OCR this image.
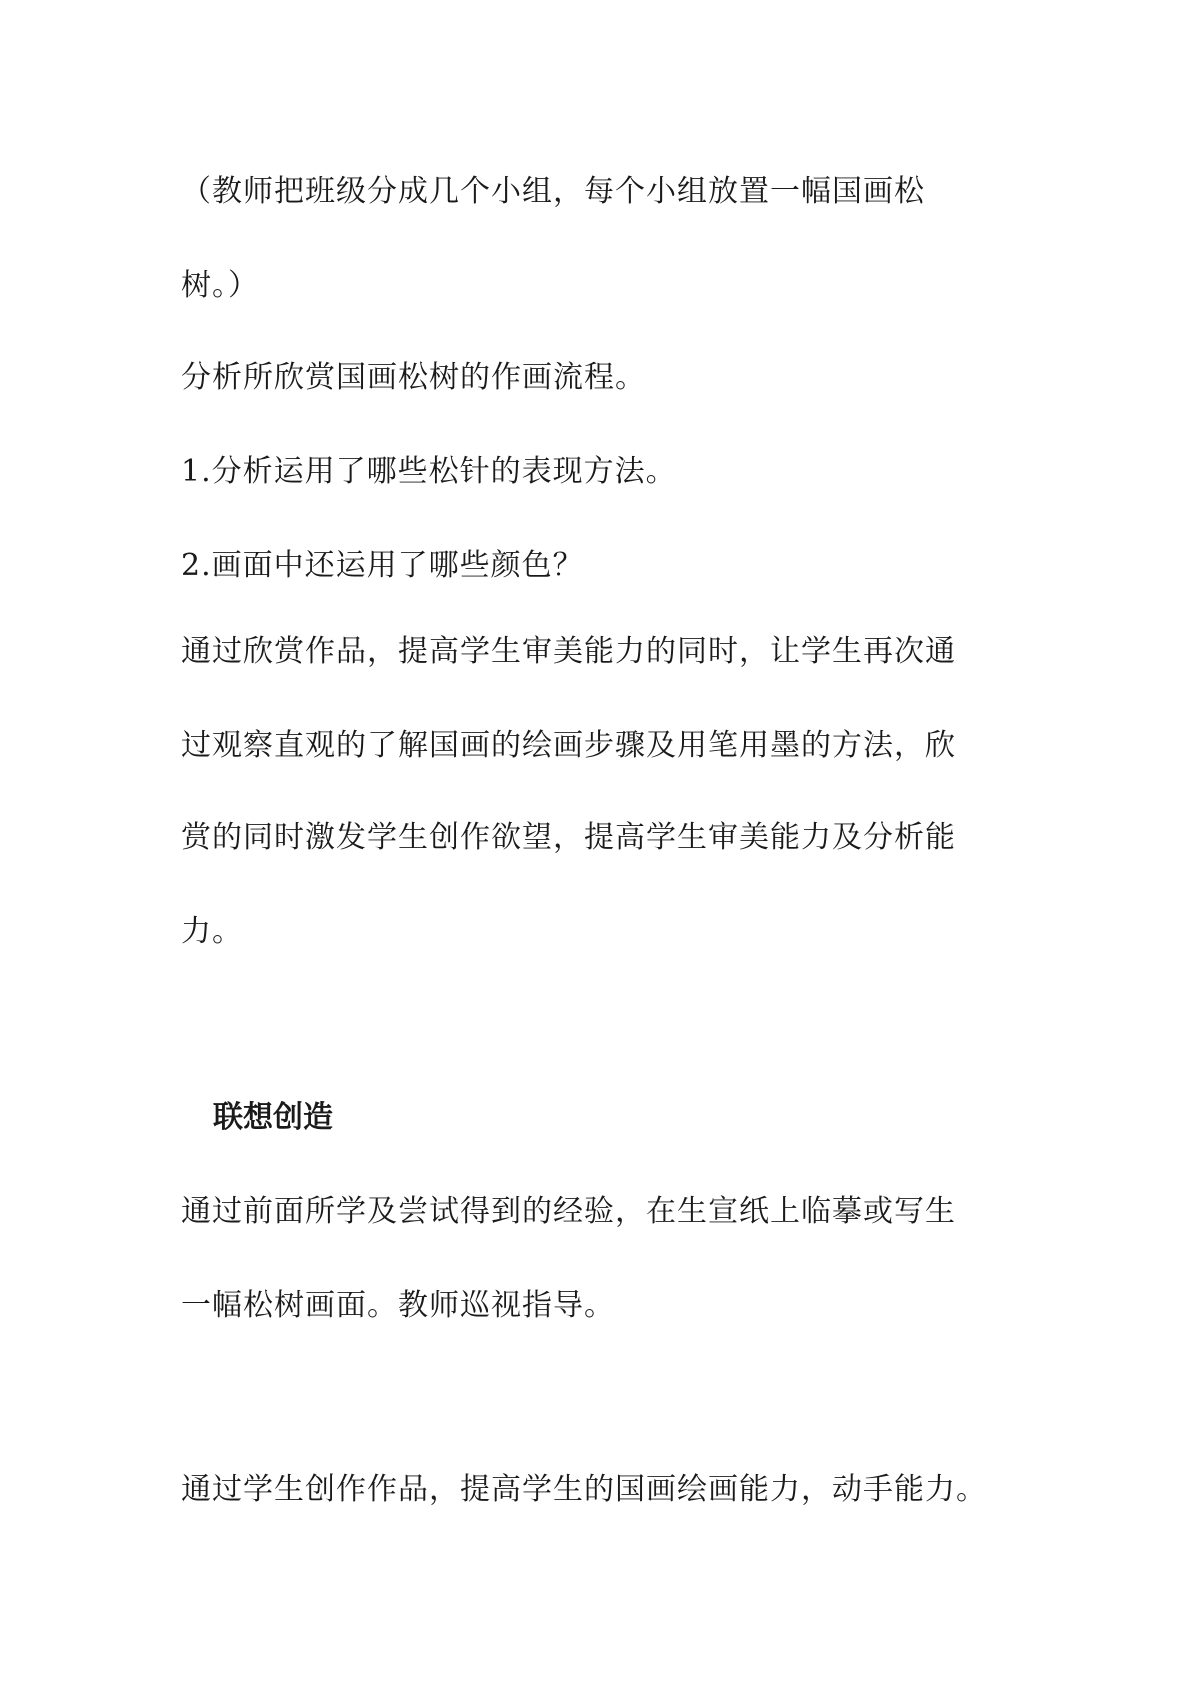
（教师把班级分成几个小组，每个小组放置一幅国画松
树。）
分析所欣赏国画松树的作画流程。
1.分析运用了哪些松针的表现方法。
2.画面中还运用了哪些颜色？
通过欣赏作品，提高学生审美能力的同时，让学生再次通
过观察直观的了解国画的绘画步骤及用笔用墨的方法，欣
赏的同时激发学生创作欲望，提高学生审美能力及分析能
力。
联想创造
通过前面所学及尝试得到的经验，在生宣纸上临摹或写生
一幅松树画面。教师巡视指导。
通过学生创作作品，提高学生的国画绘画能力，动手能力。
